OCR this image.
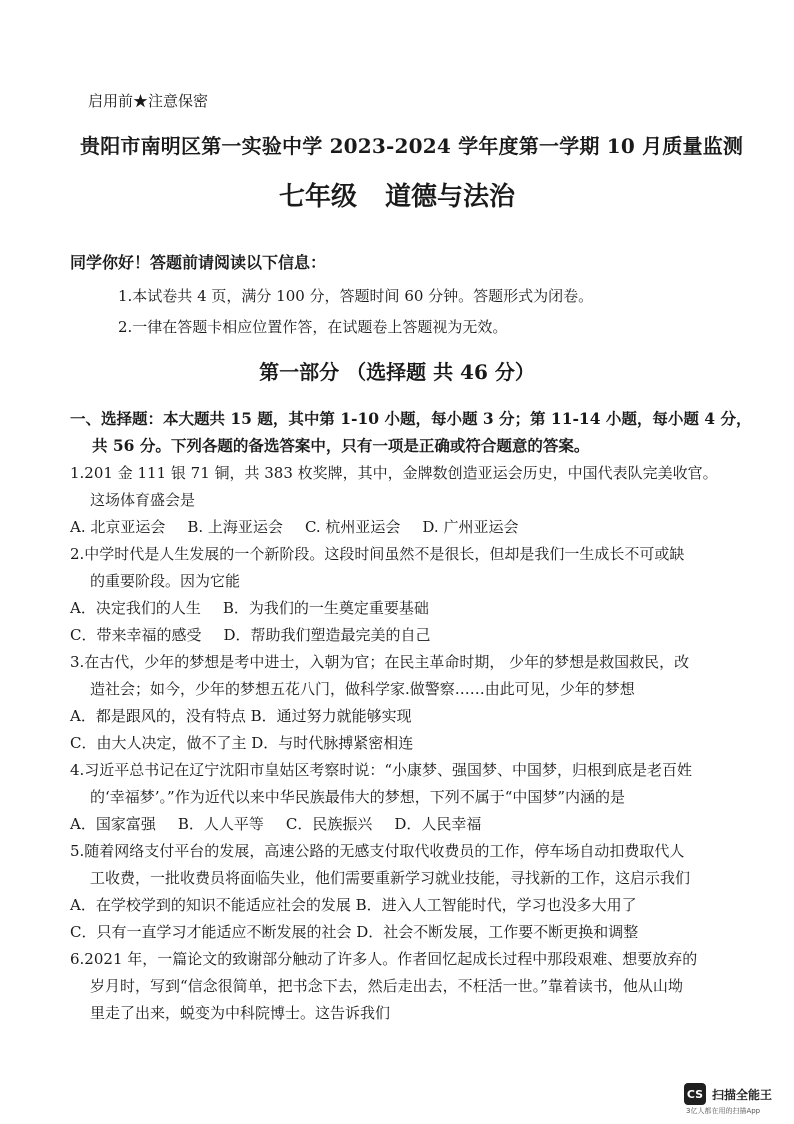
启用前★注意保密
贵阳市南明区第一实验中学 2023-2024 学年度第一学期 10 月质量监测
七年级 道德与法治
同学你好！答题前请阅读以下信息：
1.本试卷共 4 页，满分 100 分，答题时间 60 分钟。答题形式为闭卷。
2.一律在答题卡相应位置作答，在试题卷上答题视为无效。
第一部分 （选择题 共 46 分）
一、选择题：本大题共 15 题，其中第 1-10 小题，每小题 3 分；第 11-14 小题，每小题 4 分，
共 56 分。下列各题的备选答案中，只有一项是正确或符合题意的答案。
1.201 金 111 银 71 铜，共 383 枚奖牌，其中，金牌数创造亚运会历史，中国代表队完美收官。
这场体育盛会是
A. 北京亚运会 B. 上海亚运会 C. 杭州亚运会 D. 广州亚运会
2.中学时代是人生发展的一个新阶段。这段时间虽然不是很长，但却是我们一生成长不可或缺
的重要阶段。因为它能
A．决定我们的人生 B．为我们的一生奠定重要基础
C．带来幸福的感受 D．帮助我们塑造最完美的自己
3.在古代，少年的梦想是考中进士，入朝为官；在民主革命时期， 少年的梦想是救国救民，改
造社会；如今，少年的梦想五花八门，做科学家.做警察……由此可见，少年的梦想
A．都是跟风的，没有特点 B．通过努力就能够实现
C．由大人决定，做不了主 D．与时代脉搏紧密相连
4.习近平总书记在辽宁沈阳市皇姑区考察时说：“小康梦、强国梦、中国梦，归根到底是老百姓
的‘幸福梦’。”作为近代以来中华民族最伟大的梦想，下列不属于“中国梦”内涵的是
A．国家富强 B．人人平等 C．民族振兴 D．人民幸福
5.随着网络支付平台的发展，高速公路的无感支付取代收费员的工作，停车场自动扣费取代人
工收费，一批收费员将面临失业，他们需要重新学习就业技能，寻找新的工作，这启示我们
A．在学校学到的知识不能适应社会的发展 B．进入人工智能时代，学习也没多大用了
C．只有一直学习才能适应不断发展的社会 D．社会不断发展，工作要不断更换和调整
6.2021 年，一篇论文的致谢部分触动了许多人。作者回忆起成长过程中那段艰难、想要放弃的
岁月时，写到“信念很简单，把书念下去，然后走出去，不枉活一世。”靠着读书，他从山坳
里走了出来，蜕变为中科院博士。这告诉我们
CS 扫描全能王
3亿人都在用的扫描App
